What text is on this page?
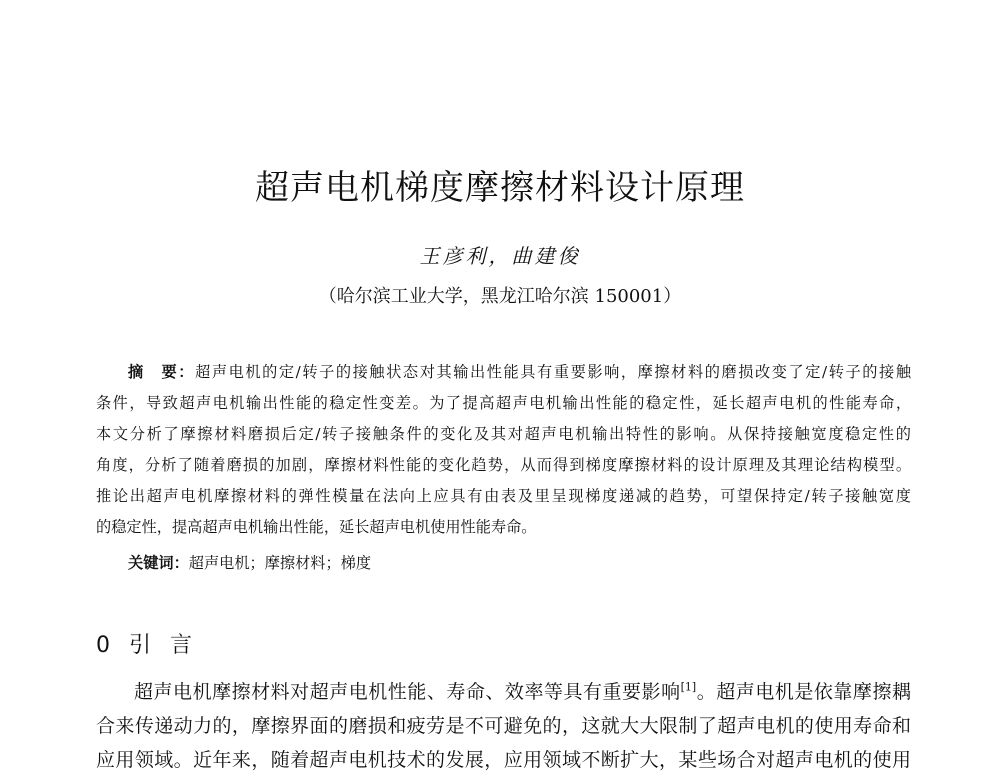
超声电机梯度摩擦材料设计原理
王彦利，曲建俊
（哈尔滨工业大学，黑龙江哈尔滨 150001）
摘　要：超声电机的定/转子的接触状态对其输出性能具有重要影响，摩擦材料的磨损改变了定/转子的接触
条件，导致超声电机输出性能的稳定性变差。为了提高超声电机输出性能的稳定性，延长超声电机的性能寿命，
本文分析了摩擦材料磨损后定/转子接触条件的变化及其对超声电机输出特性的影响。从保持接触宽度稳定性的
角度，分析了随着磨损的加剧，摩擦材料性能的变化趋势，从而得到梯度摩擦材料的设计原理及其理论结构模型。
推论出超声电机摩擦材料的弹性模量在法向上应具有由表及里呈现梯度递减的趋势，可望保持定/转子接触宽度
的稳定性，提高超声电机输出性能，延长超声电机使用性能寿命。
关键词：超声电机；摩擦材料；梯度
0 引 言
超声电机摩擦材料对超声电机性能、寿命、效率等具有重要影响[1]。超声电机是依靠摩擦耦
合来传递动力的，摩擦界面的磨损和疲劳是不可避免的，这就大大限制了超声电机的使用寿命和
应用领域。近年来，随着超声电机技术的发展，应用领域不断扩大，某些场合对超声电机的使用
